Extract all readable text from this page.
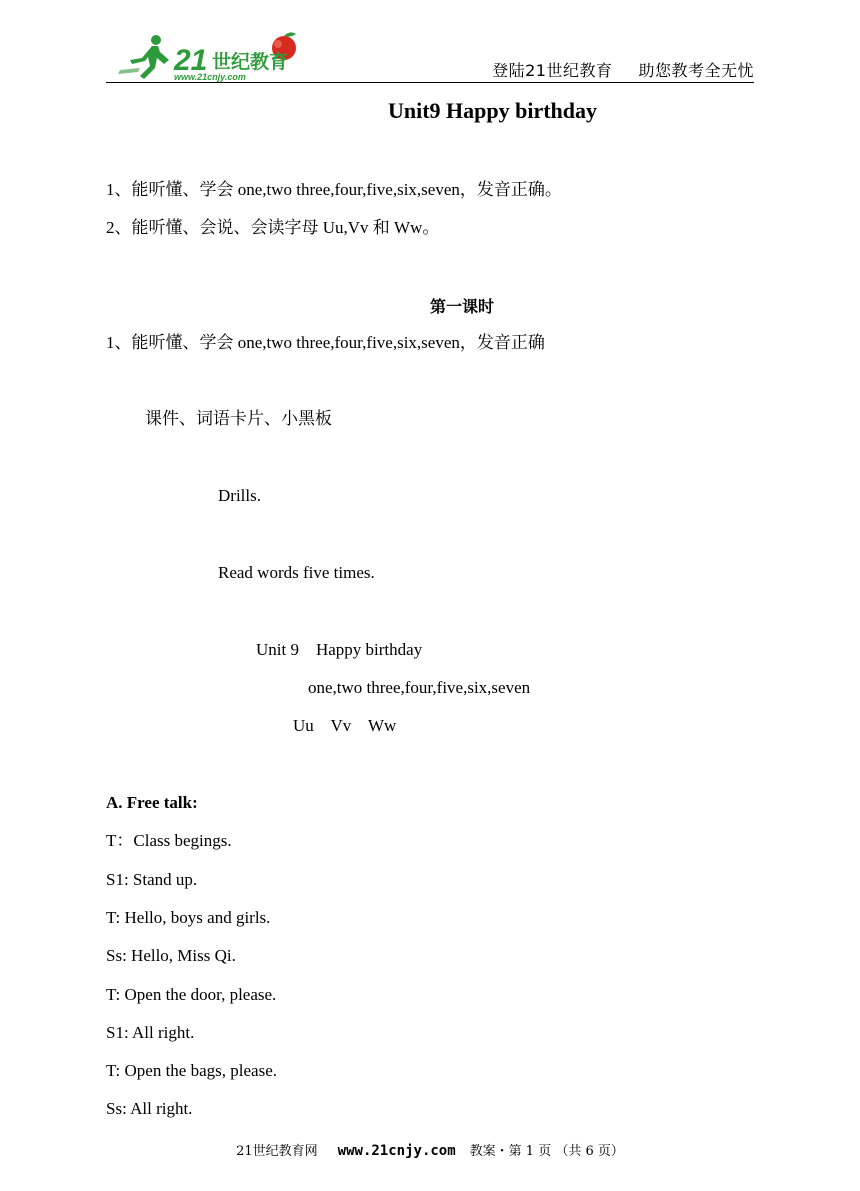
21 世纪教育
www.21cnjy.com	登陆21世纪教育 助您教考全无忧
Unit9 Happy birthday
1、能听懂、学会 one,two three,four,five,six,seven，发音正确。
2、能听懂、会说、会读字母 Uu,Vv 和 Ww。
第一课时
1、能听懂、学会 one,two three,four,five,six,seven，发音正确
课件、词语卡片、小黑板
Drills.
Read words five times.
Unit 9    Happy birthday
one,two three,four,five,six,seven
Uu    Vv    Ww
A. Free talk:
T：Class begings.
S1: Stand up.
T: Hello, boys and girls.
Ss: Hello, Miss Qi.
T: Open the door, please.
S1: All right.
T: Open the bags, please.
Ss: All right.
21世纪教育网 www.21cnjy.com 教案・第 1 页 （共 6 页）
